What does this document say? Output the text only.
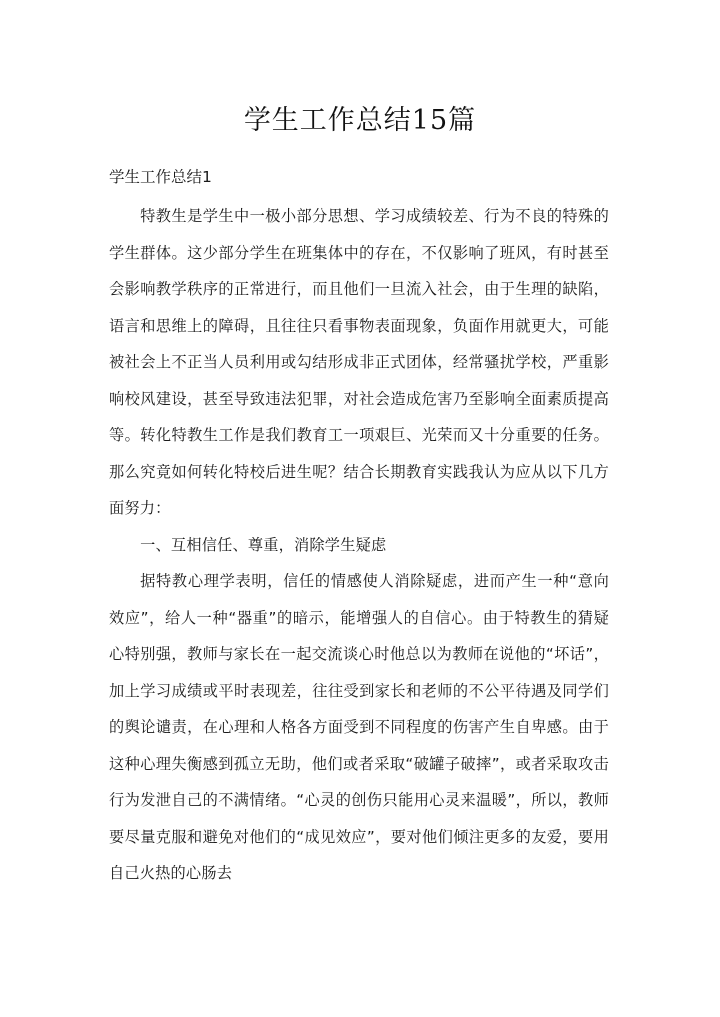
学生工作总结15篇
学生工作总结1

特教生是学生中一极小部分思想、学习成绩较差、行为不良的特殊的学生群体。这少部分学生在班集体中的存在，不仅影响了班风，有时甚至会影响教学秩序的正常进行，而且他们一旦流入社会，由于生理的缺陷，语言和思维上的障碍，且往往只看事物表面现象，负面作用就更大，可能被社会上不正当人员利用或勾结形成非正式团体，经常骚扰学校，严重影响校风建设，甚至导致违法犯罪，对社会造成危害乃至影响全面素质提高等。转化特教生工作是我们教育工一项艰巨、光荣而又十分重要的任务。那么究竟如何转化特校后进生呢？结合长期教育实践我认为应从以下几方面努力：

一、互相信任、尊重，消除学生疑虑

据特教心理学表明，信任的情感使人消除疑虑，进而产生一种“意向效应”，给人一种“器重”的暗示，能增强人的自信心。由于特教生的猜疑心特别强，教师与家长在一起交流谈心时他总以为教师在说他的“坏话”，加上学习成绩或平时表现差，往往受到家长和老师的不公平待遇及同学们的舆论谴责，在心理和人格各方面受到不同程度的伤害产生自卑感。由于这种心理失衡感到孤立无助，他们或者采取“破罐子破摔”，或者采取攻击行为发泄自己的不满情绪。“心灵的创伤只能用心灵来温暖”，所以，教师要尽量克服和避免对他们的“成见效应”，要对他们倾注更多的友爱，要用自己火热的心肠去
